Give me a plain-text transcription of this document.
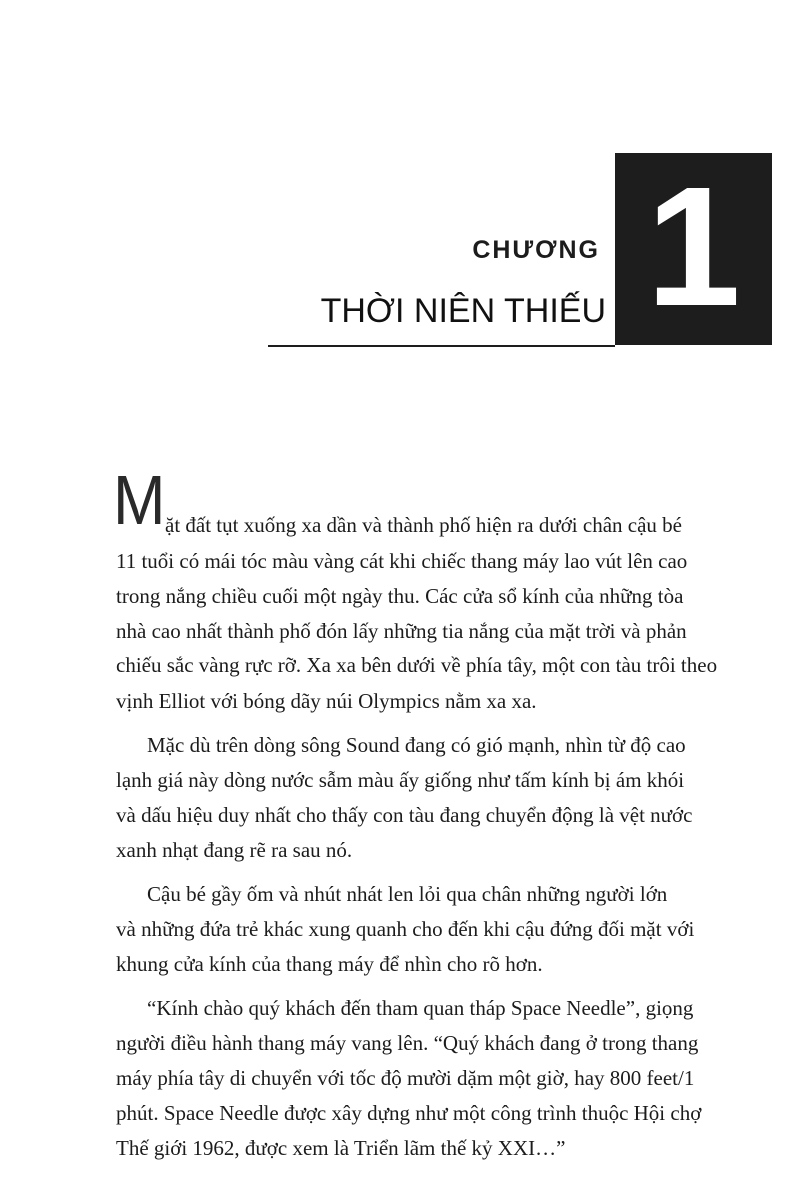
1
CHƯƠNG
THỜI NIÊN THIẾU
M ặt đất tụt xuống xa dần và thành phố hiện ra dưới chân cậu bé
11 tuổi có mái tóc màu vàng cát khi chiếc thang máy lao vút lên cao
trong nắng chiều cuối một ngày thu. Các cửa sổ kính của những tòa
nhà cao nhất thành phố đón lấy những tia nắng của mặt trời và phản
chiếu sắc vàng rực rỡ. Xa xa bên dưới về phía tây, một con tàu trôi theo
vịnh Elliot với bóng dãy núi Olympics nằm xa xa.
Mặc dù trên dòng sông Sound đang có gió mạnh, nhìn từ độ cao
lạnh giá này dòng nước sẫm màu ấy giống như tấm kính bị ám khói
và dấu hiệu duy nhất cho thấy con tàu đang chuyển động là vệt nước
xanh nhạt đang rẽ ra sau nó.
Cậu bé gầy ốm và nhút nhát len lỏi qua chân những người lớn
và những đứa trẻ khác xung quanh cho đến khi cậu đứng đối mặt với
khung cửa kính của thang máy để nhìn cho rõ hơn.
“Kính chào quý khách đến tham quan tháp Space Needle”, giọng
người điều hành thang máy vang lên. “Quý khách đang ở trong thang
máy phía tây di chuyển với tốc độ mười dặm một giờ, hay 800 feet/1
phút. Space Needle được xây dựng như một công trình thuộc Hội chợ
Thế giới 1962, được xem là Triển lãm thế kỷ XXI…”
